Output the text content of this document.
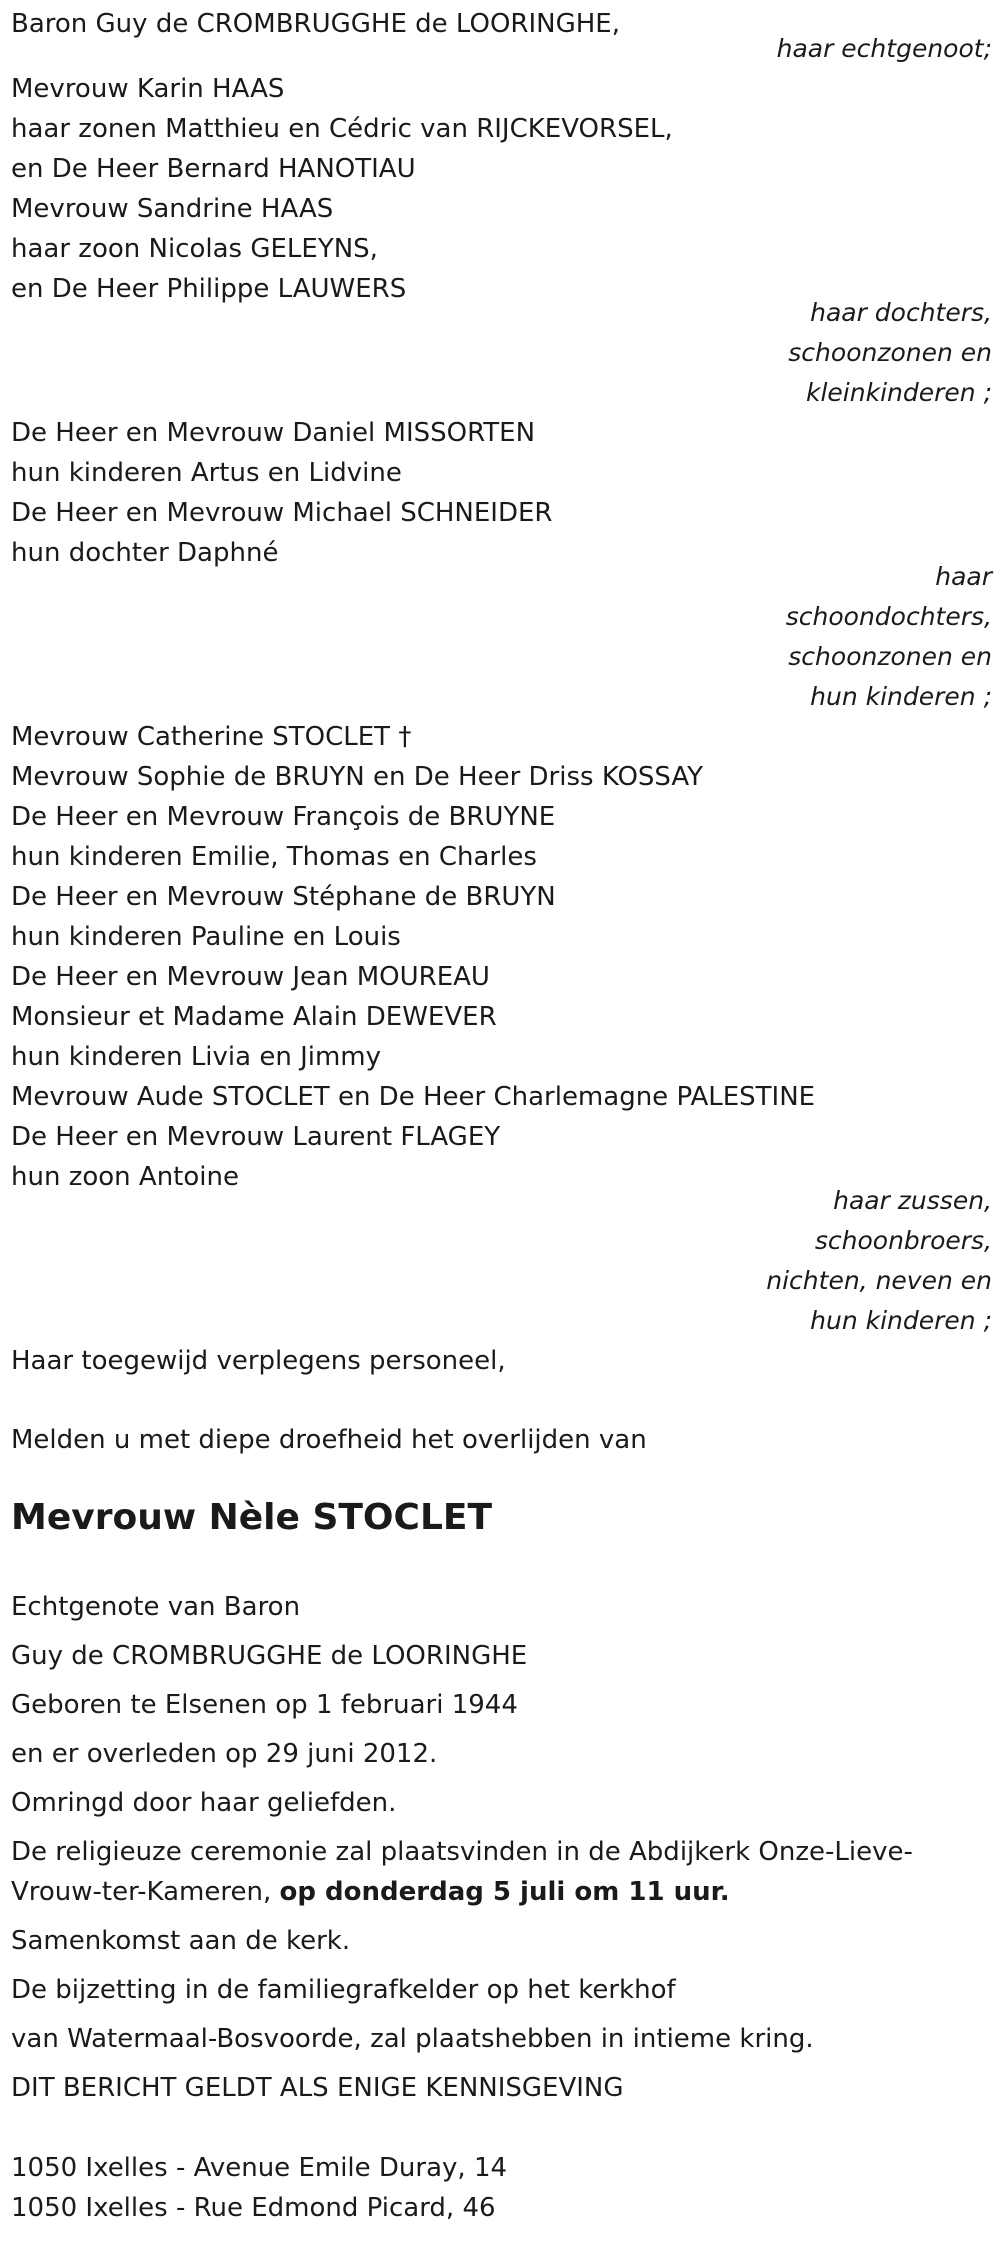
Baron Guy de CROMBRUGGHE de LOORINGHE,
haar echtgenoot;
Mevrouw Karin HAAS
haar zonen Matthieu en Cédric van RIJCKEVORSEL,
en De Heer Bernard HANOTIAU
Mevrouw Sandrine HAAS
haar zoon Nicolas GELEYNS,
en De Heer Philippe LAUWERS
haar dochters,
schoonzonen en
kleinkinderen ;
De Heer en Mevrouw Daniel MISSORTEN
hun kinderen Artus en Lidvine
De Heer en Mevrouw Michael SCHNEIDER
hun dochter Daphné
haar
schoondochters,
schoonzonen en
hun kinderen ;
Mevrouw Catherine STOCLET †
Mevrouw Sophie de BRUYN en De Heer Driss KOSSAY
De Heer en Mevrouw François de BRUYNE
hun kinderen Emilie, Thomas en Charles
De Heer en Mevrouw Stéphane de BRUYN
hun kinderen Pauline en Louis
De Heer en Mevrouw Jean MOUREAU
Monsieur et Madame Alain DEWEVER
hun kinderen Livia en Jimmy
Mevrouw Aude STOCLET en De Heer Charlemagne PALESTINE
De Heer en Mevrouw Laurent FLAGEY
hun zoon Antoine
haar zussen,
schoonbroers,
nichten, neven en
hun kinderen ;
Haar toegewijd verplegens personeel,
Melden u met diepe droefheid het overlijden van
Mevrouw Nèle STOCLET
Echtgenote van Baron
Guy de CROMBRUGGHE de LOORINGHE
Geboren te Elsenen op 1 februari 1944
en er overleden op 29 juni 2012.
Omringd door haar geliefden.
De religieuze ceremonie zal plaatsvinden in de Abdijkerk Onze-Lieve-
Vrouw-ter-Kameren, op donderdag 5 juli om 11 uur.
Samenkomst aan de kerk.
De bijzetting in de familiegrafkelder op het kerkhof
van Watermaal-Bosvoorde, zal plaatshebben in intieme kring.
DIT BERICHT GELDT ALS ENIGE KENNISGEVING
1050 Ixelles - Avenue Emile Duray, 14
1050 Ixelles - Rue Edmond Picard, 46
